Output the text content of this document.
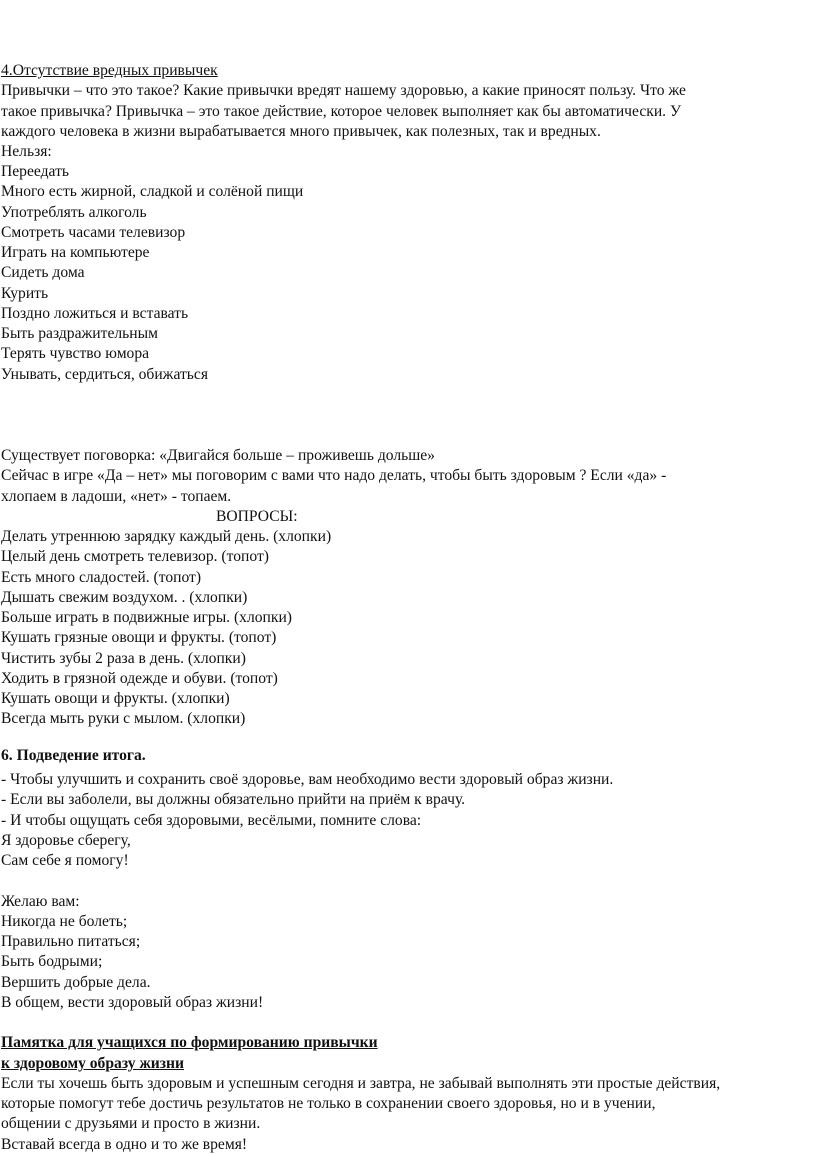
4.Отсутствие вредных привычек
Привычки – что это такое? Какие привычки вредят нашему здоровью, а какие приносят пользу. Что же
такое привычка? Привычка – это такое действие, которое человек выполняет как бы автоматически. У
каждого человека в жизни вырабатывается много привычек, как полезных, так и вредных.
Нельзя:
Переедать
Много есть жирной, сладкой и солёной пищи
Употреблять алкоголь
Смотреть часами телевизор
Играть на компьютере
Сидеть дома
Курить
Поздно ложиться и вставать
Быть раздражительным
Терять чувство юмора
Унывать, сердиться, обижаться
Существует поговорка: «Двигайся больше – проживешь дольше»
Сейчас в игре «Да – нет» мы поговорим с вами что надо делать, чтобы быть здоровым ? Если «да» -
хлопаем в ладоши, «нет» - топаем.
ВОПРОСЫ:
Делать утреннюю зарядку каждый день. (хлопки)
Целый день смотреть телевизор. (топот)
Есть много сладостей. (топот)
Дышать свежим воздухом. . (хлопки)
Больше играть в подвижные игры. (хлопки)
Кушать грязные овощи и фрукты. (топот)
Чистить зубы 2 раза в день. (хлопки)
Ходить в грязной одежде и обуви. (топот)
Кушать овощи и фрукты. (хлопки)
Всегда мыть руки с мылом. (хлопки)
6. Подведение итога.
- Чтобы улучшить и сохранить своё здоровье, вам необходимо вести здоровый образ жизни.
- Если вы заболели, вы должны обязательно прийти на приём к врачу.
- И чтобы ощущать себя здоровыми, весёлыми, помните слова:
Я здоровье сберегу,
Сам себе я помогу!
Желаю вам:
Никогда не болеть;
Правильно питаться;
Быть бодрыми;
Вершить добрые дела.
В общем, вести здоровый образ жизни!
Памятка для учащихся по формированию привычки
к здоровому образу жизни
Если ты хочешь быть здоровым и успешным сегодня и завтра, не забывай выполнять эти простые действия,
которые помогут тебе достичь результатов не только в сохранении своего здоровья, но и в учении,
общении с друзьями и просто в жизни.
Вставай всегда в одно и то же время!
